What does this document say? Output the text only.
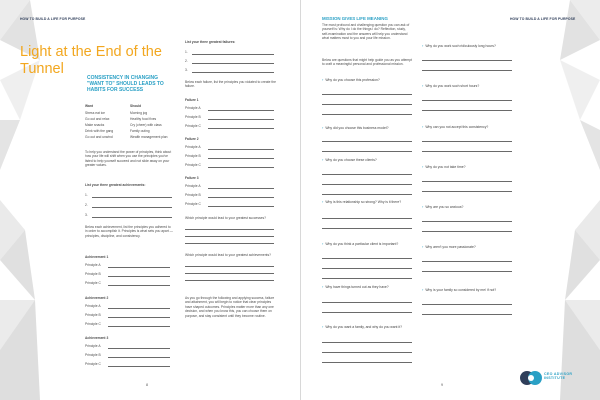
HOW TO BUILD A LIFE FOR PURPOSE
Light at the End of the Tunnel
CONSISTENCY IN CHANGING "WANT TO" SHOULD LEADS TO HABITS FOR SUCCESS
Want	Should
Stress eat ice	Morning jog
Go out and relax	Healthy food fixes
Make snacks	Cry (cheer) with class
Drink with the gang	Family outing
Go out and unwind	Wealth management plan
To help you understand the power of principles, think about how your life will shift when you use the principles you've listed to help yourself succeed and not slide away on your greater values.
List your three greatest achievements:
1.
2.
3.
Below each achievement, list the principles you adhered to in order to accomplish it. Principles is what sets you apart — principles, discipline, and consistency.
Achievement 1
Principle A
Principle B
Principle C
Achievement 2
Principle A
Principle B
Principle C
Achievement 3
Principle A
Principle B
Principle C
8
List your three greatest failures:
1.
2.
3.
Below each failure, list the principles you violated to create the failure.
Failure 1
Principle A
Principle B
Principle C
Failure 2
Principle A
Principle B
Principle C
Failure 3
Principle A
Principle B
Principle C
Which principle would lead to your greatest successes?
Which principle would lead to your greatest achievements?
As you go through the following and applying success, failure and attainment, you will begin to notice that clear principles have shaped outcomes. Principles matter more than any one decision, and when you know this, you can choose them on purpose, and stay consistent until they become routine.
HOW TO BUILD A LIFE FOR PURPOSE
MISSION GIVES LIFE MEANING
The most profound and challenging question you can ask of yourself is: Why do I do the things I do? Reflection, study, self-examination and the answers will help you understand what matters most to you and your life mission.
Below are questions that might help guide you as you attempt to craft a meaningful personal and professional mission.
› Why do you choose this profession?
› Why did you choose this business model?
› Why do you choose these clients?
› Why is this relationship so strong? Why is it there?
› Why do you think a particular client is important?
› Why have things turned out as they have?
› Why do you want a family, and why do you want it?
› Why do you work such ridiculously long hours?
› Why do you work such short hours?
› Why can you not accept this consistency?
› Why do you not take time?
› Why are you so anxious?
› Why aren't you more passionate?
› Why is your family so considered by me/ if not?
9
CEO ADVISOR INSTITUTE
